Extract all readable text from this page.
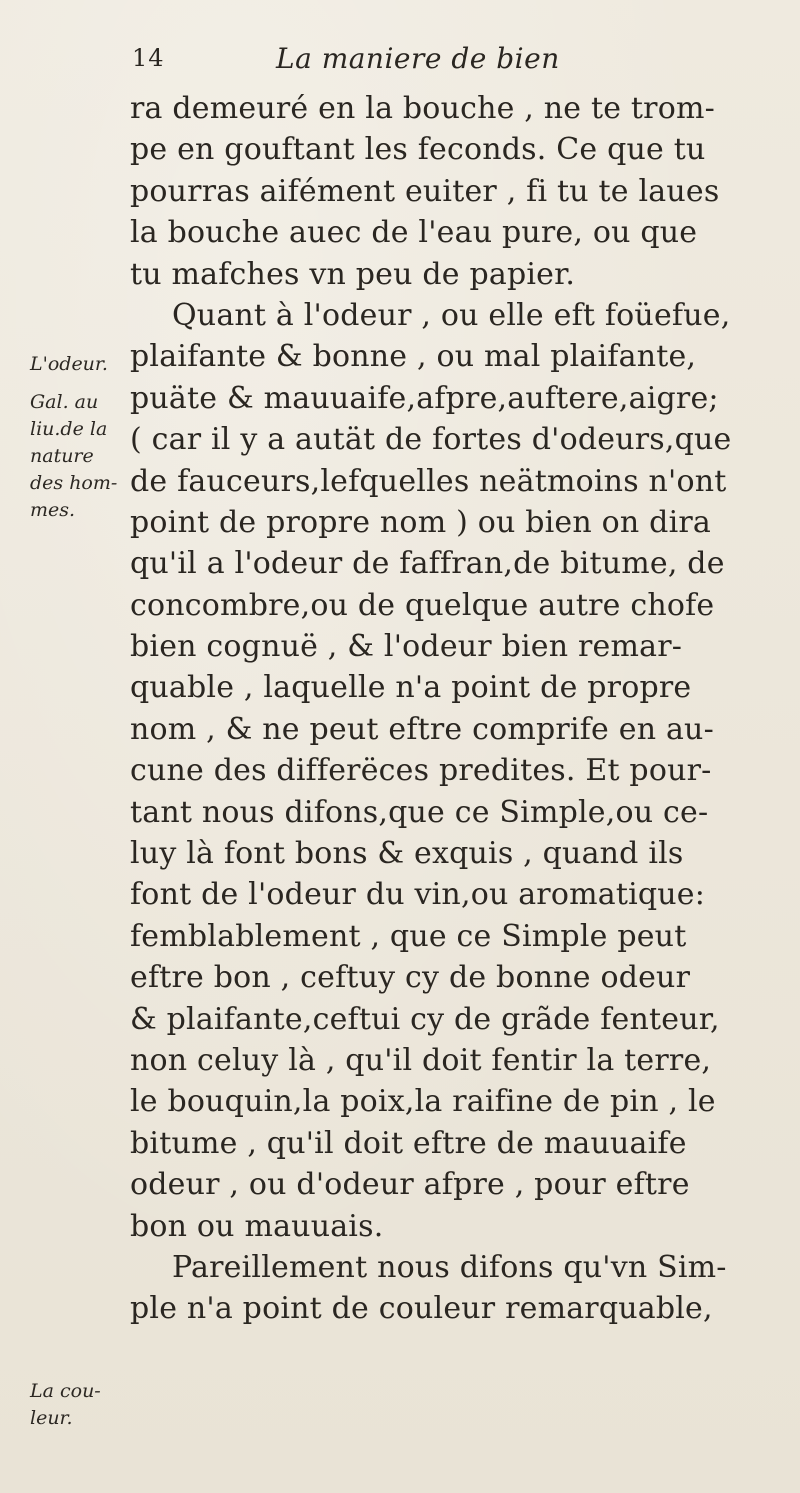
14	La maniere de bien
L'odeur.
Gal. au
liu.de la
nature
des hom-
mes.
La cou-
leur.
ra demeuré en la bouche , ne te trom-
pe en gouftant les feconds. Ce que tu
pourras aifément euiter , fi tu te laues
la bouche auec de l'eau pure, ou que
tu mafches vn peu de papier.
Quant à l'odeur , ou elle eft foüefue,
plaifante & bonne , ou mal plaifante,
puäte & mauuaife,afpre,auftere,aigre;
( car il y a autät de fortes d'odeurs,que
de fauceurs,lefquelles neätmoins n'ont
point de propre nom ) ou bien on dira
qu'il a l'odeur de faffran,de bitume, de
concombre,ou de quelque autre chofe
bien cognuë , & l'odeur bien remar-
quable , laquelle n'a point de propre
nom , & ne peut eftre comprife en au-
cune des differëces predites. Et pour-
tant nous difons,que ce Simple,ou ce-
luy là font bons & exquis , quand ils
font de l'odeur du vin,ou aromatique:
femblablement , que ce Simple peut
eftre bon , ceftuy cy de bonne odeur
& plaifante,ceftui cy de grãde fenteur,
non celuy là , qu'il doit fentir la terre,
le bouquin,la poix,la raifine de pin , le
bitume , qu'il doit eftre de mauuaife
odeur , ou d'odeur afpre , pour eftre
bon ou mauuais.
Pareillement nous difons qu'vn Sim-
ple n'a point de couleur remarquable,
